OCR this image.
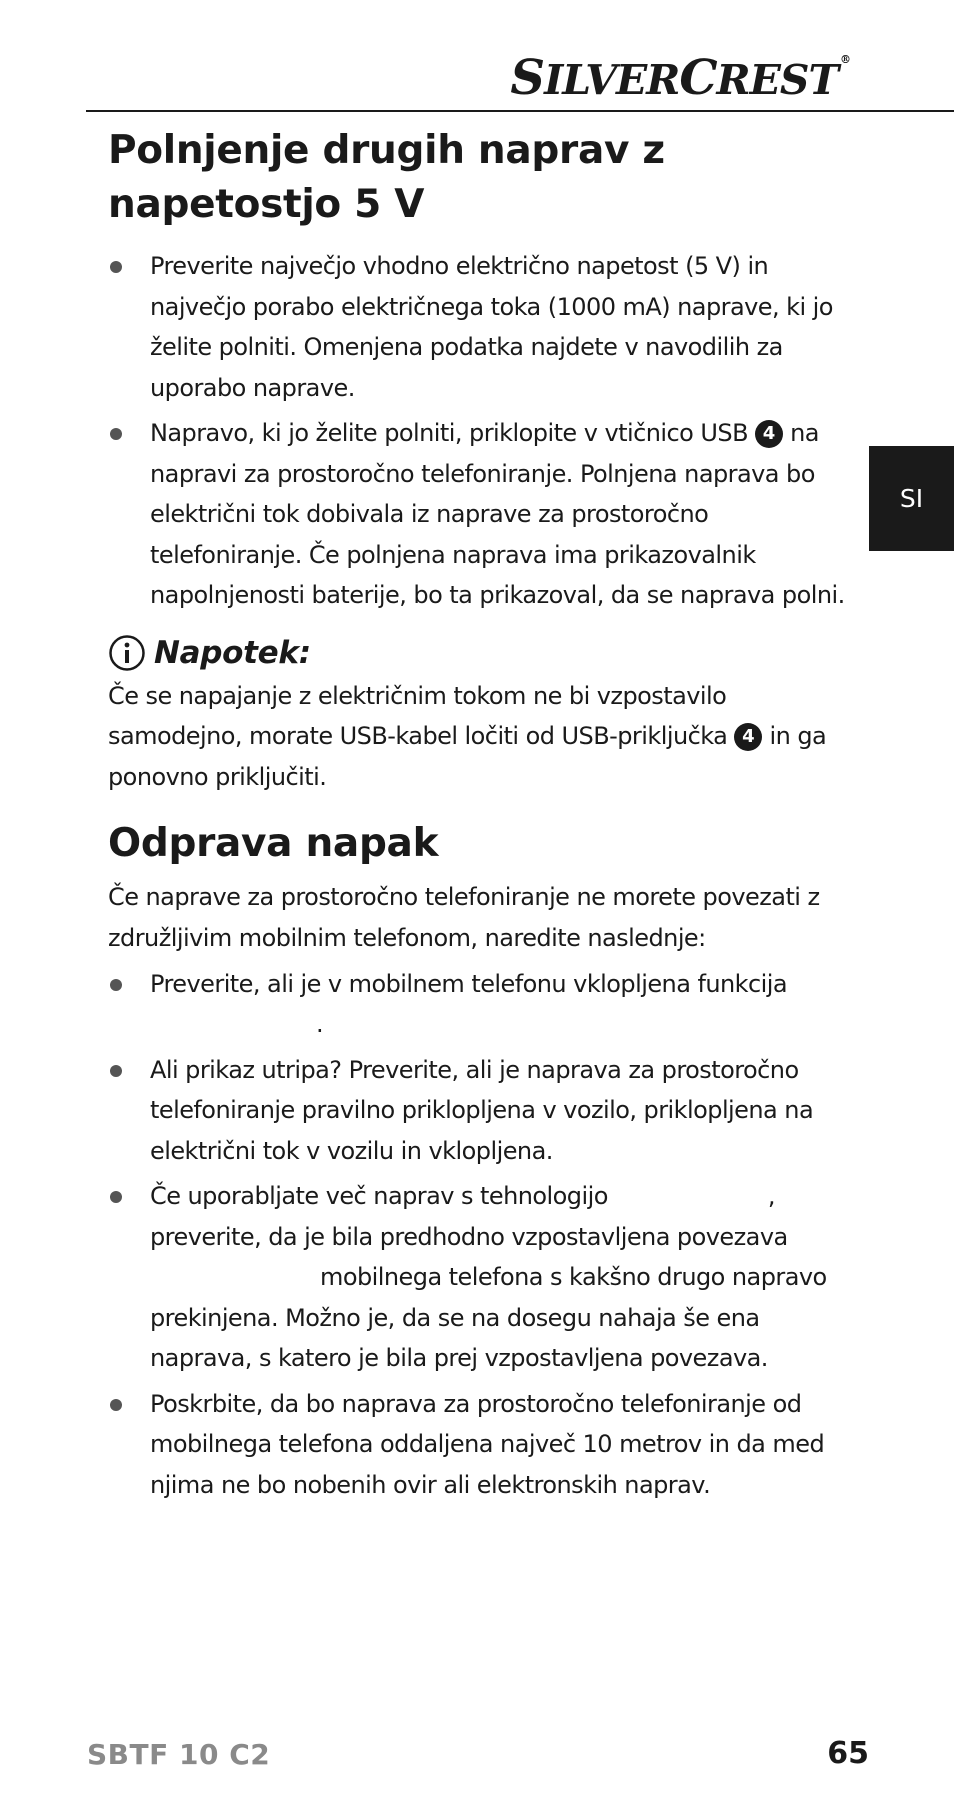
SILVERCREST ®
SI
Polnjenje drugih naprav z
napetostjo 5 V
Preverite največjo vhodno električno napetost (5 V) in največjo porabo električnega toka (1000 mA) naprave, ki jo želite polniti. Omenjena podatka najdete v navodilih za uporabo naprave.
Napravo, ki jo želite polniti, priklopite v vtičnico USB 4 na napravi za prostoročno telefoniranje. Polnjena naprava bo električni tok dobivala iz naprave za prostoročno telefoniranje. Če polnjena naprava ima prikazovalnik napolnjenosti baterije, bo ta prikazoval, da se naprava polni.
Napotek:

Če se napajanje z električnim tokom ne bi vzpostavilo samodejno, morate USB-kabel ločiti od USB-priključka 4 in ga ponovno priključiti.

Odprava napak

Če naprave za prostoročno telefoniranje ne morete povezati z združljivim mobilnim telefonom, naredite naslednje:

Preverite, ali je v mobilnem telefonu vklopljena funkcija
.
Ali prikaz utripa? Preverite, ali je naprava za prostoročno telefoniranje pravilno priklopljena v vozilo, priklopljena na električni tok v vozilu in vklopljena.
Če uporabljate več naprav s tehnologijo	,
preverite, da je bila predhodno vzpostavljena povezava
mobilnega telefona s kakšno drugo napravo prekinjena. Možno je, da se na dosegu nahaja še ena naprava, s katero je bila prej vzpostavljena povezava.
Poskrbite, da bo naprava za prostoročno telefoniranje od mobilnega telefona oddaljena največ 10 metrov in da med njima ne bo nobenih ovir ali elektronskih naprav.
SBTF 10 C2	65
